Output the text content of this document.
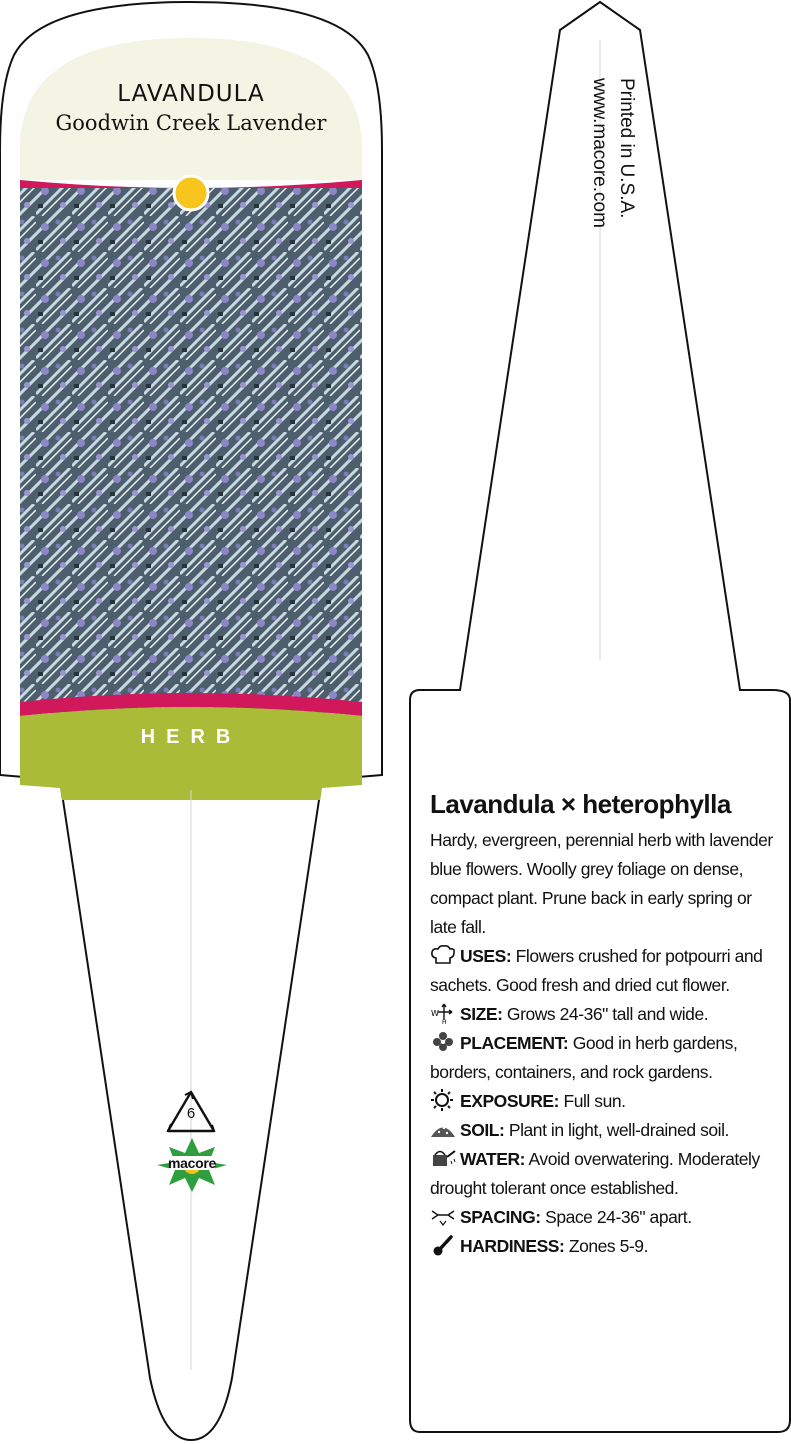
LAVANDULA
Goodwin Creek Lavender
HERB
6
macore
Printed in U.S.A.
www.macore.com
Lavandula × heterophylla
Hardy, evergreen, perennial herb with lavender blue flowers. Woolly grey foliage on dense, compact plant. Prune back in early spring or late fall.
USES: Flowers crushed for potpourri and sachets. Good fresh and dried cut flower.
W
H SIZE: Grows 24-36" tall and wide.
PLACEMENT: Good in herb gardens, borders, containers, and rock gardens.
EXPOSURE: Full sun.
SOIL: Plant in light, well-drained soil.
WATER: Avoid overwatering. Moderately drought tolerant once established.
SPACING: Space 24-36" apart.
HARDINESS: Zones 5-9.
